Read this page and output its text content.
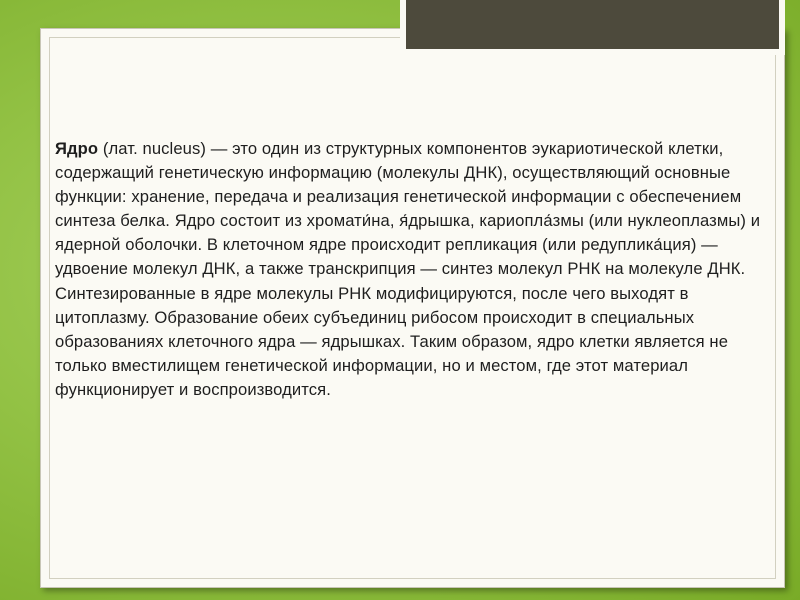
Ядро (лат. nucleus) — это один из структурных компонентов эукариотической клетки, содержащий генетическую информацию (молекулы ДНК), осуществляющий основные функции: хранение, передача и реализация генетической информации с обеспечением синтеза белка. Ядро состоит из хромати́на, я́дрышка, кариопла́змы (или нуклеоплазмы) и ядерной оболочки. В клеточном ядре происходит репликация (или редуплика́ция) — удвоение молекул ДНК, а также транскрипция — синтез молекул РНК на молекуле ДНК. Синтезированные в ядре молекулы РНК модифицируются, после чего выходят в цитоплазму. Образование обеих субъединиц рибосом происходит в специальных образованиях клеточного ядра — ядрышках. Таким образом, ядро клетки является не только вместилищем генетической информации, но и местом, где этот материал функционирует и воспроизводится.
